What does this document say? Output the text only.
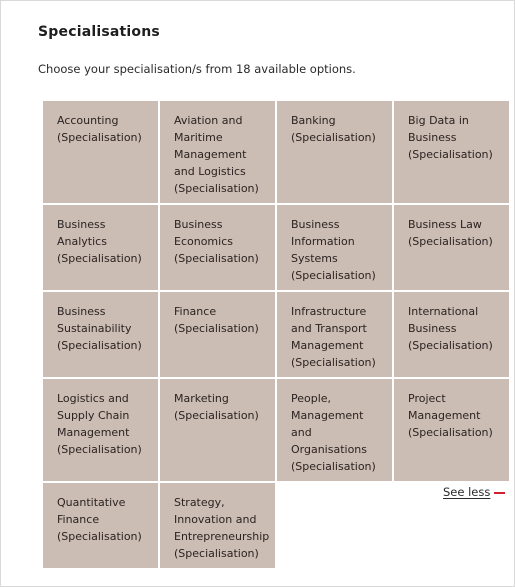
Specialisations

Choose your specialisation/s from 18 available options.

Accounting (Specialisation)
Aviation and Maritime Management and Logistics (Specialisation)
Banking (Specialisation)
Big Data in Business (Specialisation)
Business Analytics (Specialisation)
Business Economics (Specialisation)
Business Information Systems (Specialisation)
Business Law (Specialisation)
Business Sustainability (Specialisation)
Finance (Specialisation)
Infrastructure and Transport Management (Specialisation)
International Business (Specialisation)
Logistics and Supply Chain Management (Specialisation)
Marketing (Specialisation)
People, Management and Organisations (Specialisation)
Project Management (Specialisation)
Quantitative Finance (Specialisation)
Strategy, Innovation and Entrepreneurship (Specialisation)
See less
